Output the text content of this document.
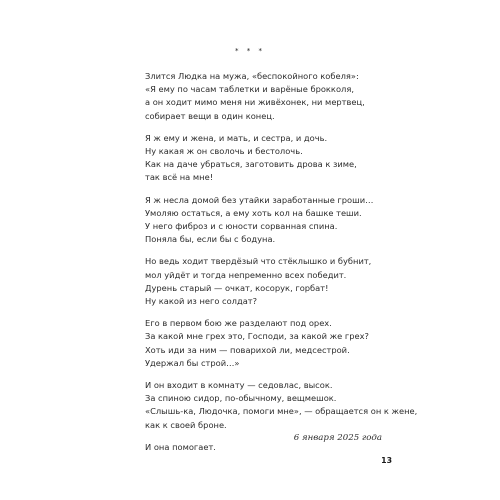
* * *
Злится Людка на мужа, «беспокойного кобеля»:
«Я ему по часам таблетки и варёные брокколя,
а он ходит мимо меня ни живёхонек, ни мертвец,
собирает вещи в один конец.
Я ж ему и жена, и мать, и сестра, и дочь.
Ну какая ж он сволочь и бестолочь.
Как на даче убраться, заготовить дрова к зиме,
так всё на мне!
Я ж несла домой без утайки заработанные гроши…
Умоляю остаться, а ему хоть кол на башке теши.
У него фиброз и с юности сорванная спина.
Поняла бы, если бы с бодуна.
Но ведь ходит твердёзый что стёклышко и бубнит,
мол уйдёт и тогда непременно всех победит.
Дурень старый — очкат, косорук, горбат!
Ну какой из него солдат?
Его в первом бою же разделают под орех.
За какой мне грех это, Господи, за какой же грех?
Хоть иди за ним — поварихой ли, медсестрой.
Удержал бы строй…»
И он входит в комнату — седовлас, высок.
За спиною сидор, по-обычному, вещмешок.
«Слышь-ка, Людочка, помоги мне», — обращается он к жене,
как к своей броне.
И она помогает.
6 января 2025 года
13
